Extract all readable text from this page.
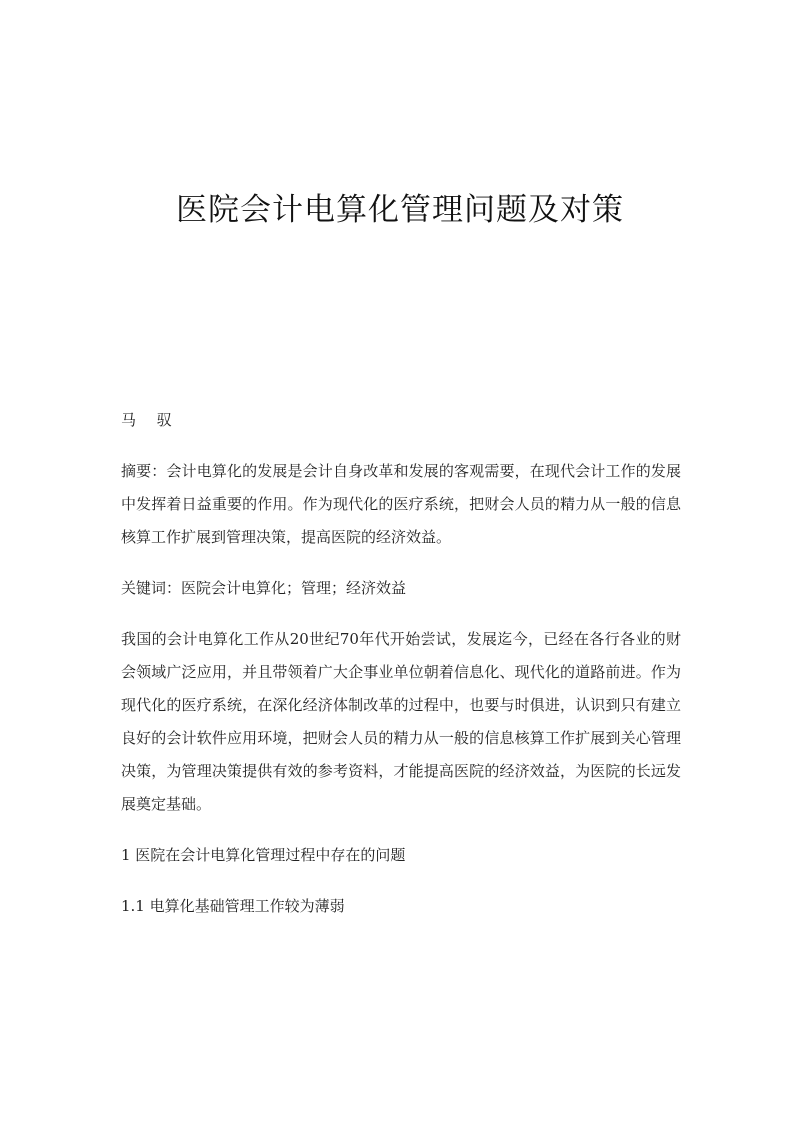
医院会计电算化管理问题及对策

马 驭

摘要：会计电算化的发展是会计自身改革和发展的客观需要，在现代会计工作的发展中发挥着日益重要的作用。作为现代化的医疗系统，把财会人员的精力从一般的信息核算工作扩展到管理决策，提高医院的经济效益。

关键词：医院会计电算化；管理；经济效益

我国的会计电算化工作从20世纪70年代开始尝试，发展迄今，已经在各行各业的财会领域广泛应用，并且带领着广大企事业单位朝着信息化、现代化的道路前进。作为现代化的医疗系统，在深化经济体制改革的过程中，也要与时俱进，认识到只有建立良好的会计软件应用环境，把财会人员的精力从一般的信息核算工作扩展到关心管理决策，为管理决策提供有效的参考资料，才能提高医院的经济效益，为医院的长远发展奠定基础。

1 医院在会计电算化管理过程中存在的问题

1.1 电算化基础管理工作较为薄弱
